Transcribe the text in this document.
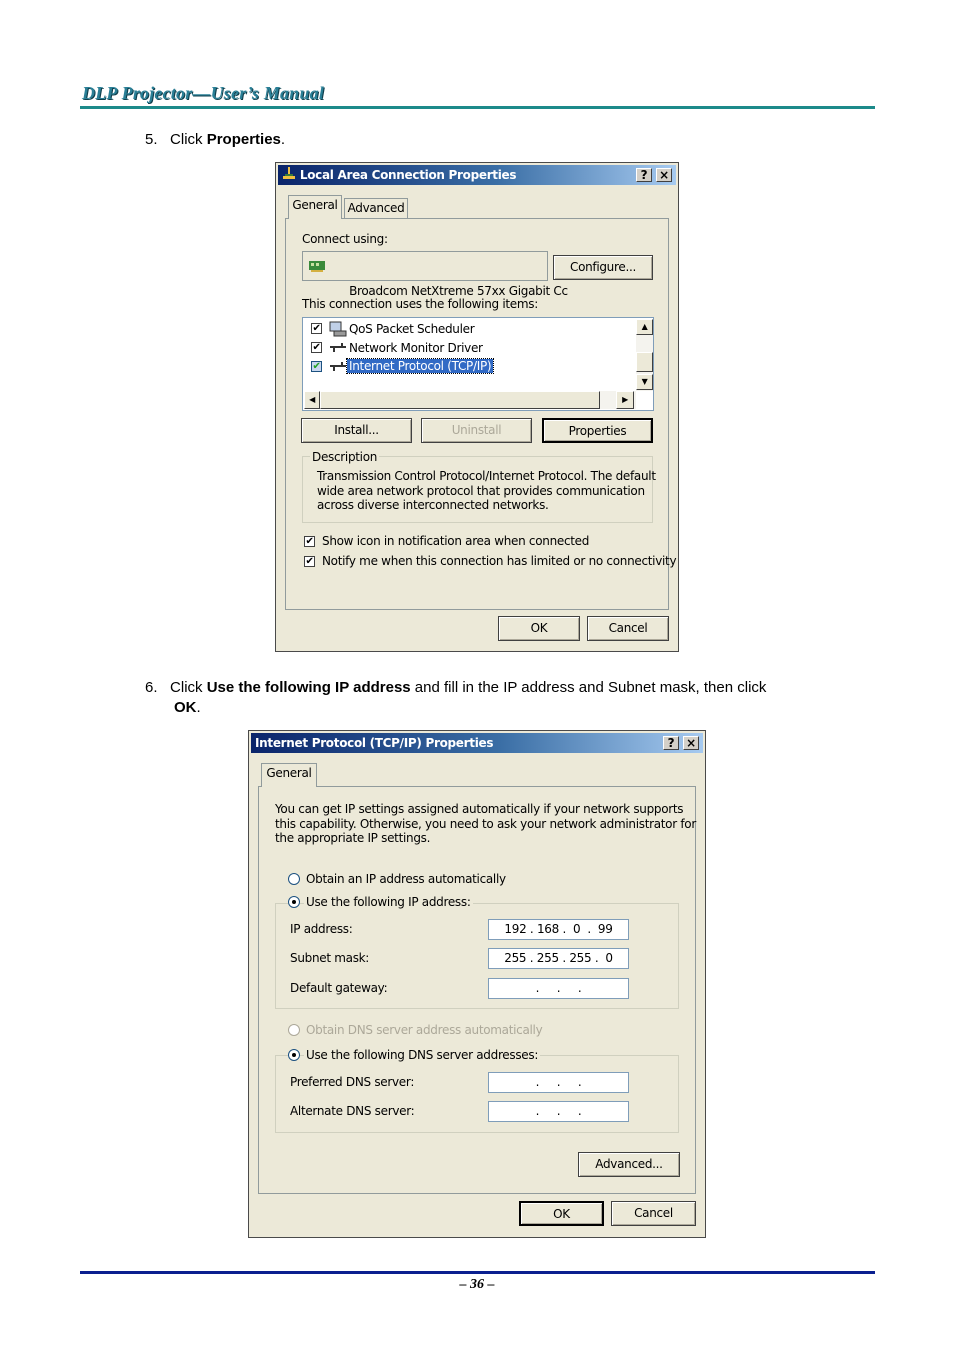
DLP Projector—User’s Manual
5. Click Properties.
Local Area Connection Properties	? ×
General Advanced
Connect using:

Broadcom NetXtreme 57xx Gigabit Cc

Configure...
This connection uses the following items:
✔ QoS Packet Scheduler
✔ Network Monitor Driver
✔ Internet Protocol (TCP/IP)
▲
▼
◀	▶
Install...	Uninstall	Properties
Description
Transmission Control Protocol/Internet Protocol. The default
wide area network protocol that provides communication
across diverse interconnected networks.
✔ Show icon in notification area when connected
✔ Notify me when this connection has limited or no connectivity
OK	Cancel
6. Click Use the following IP address and fill in the IP address and Subnet mask, then click
OK.
Internet Protocol (TCP/IP) Properties	? ×
General
You can get IP settings assigned automatically if your network supports
this capability. Otherwise, you need to ask your network administrator for
the appropriate IP settings.
Obtain an IP address automatically
Use the following IP address:
IP address:	192 . 168 .  0  .  99
Subnet mask:	255 . 255 . 255 .  0
Default gateway:	.     .     .
Obtain DNS server address automatically
Use the following DNS server addresses:
Preferred DNS server:	.     .     .
Alternate DNS server:	.     .     .
Advanced...
OK	Cancel
– 36 –
